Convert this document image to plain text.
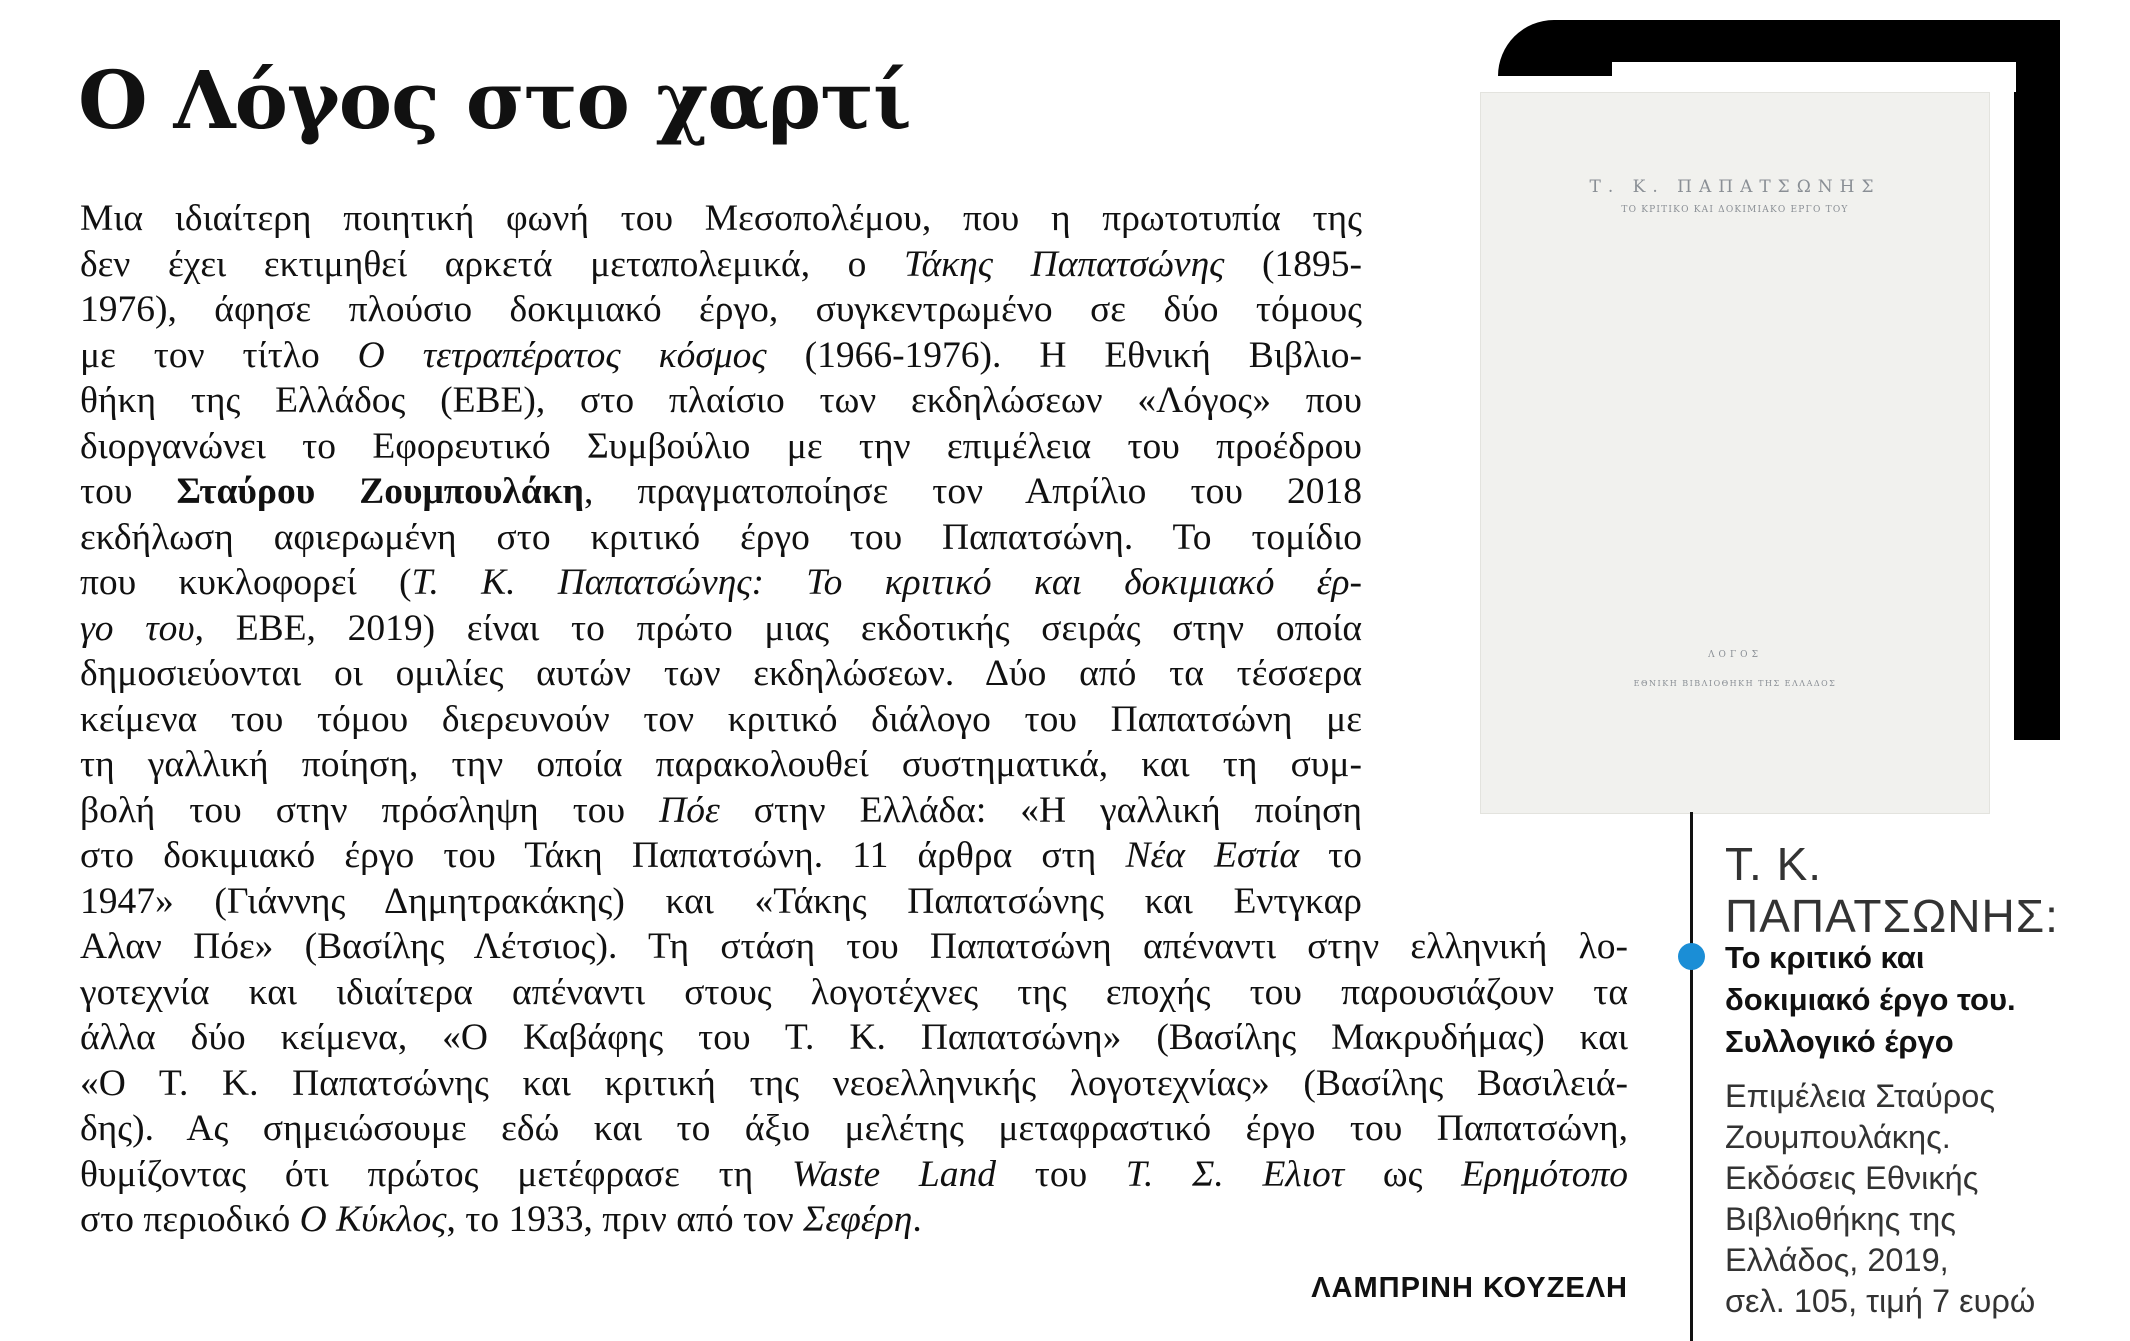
Ο Λόγος στο χαρτί
Μια ιδιαίτερη ποιητική φωνή του Μεσοπολέμου, που η πρωτοτυπία της
δεν έχει εκτιμηθεί αρκετά μεταπολεμικά, ο Τάκης Παπατσώνης (1895-
1976), άφησε πλούσιο δοκιμιακό έργο, συγκεντρωμένο σε δύο τόμους
με τον τίτλο Ο τετραπέρατος κόσμος (1966-1976). Η Εθνική Βιβλιο-
θήκη της Ελλάδος (ΕΒΕ), στο πλαίσιο των εκδηλώσεων «Λόγος» που
διοργανώνει το Εφορευτικό Συμβούλιο με την επιμέλεια του προέδρου
του Σταύρου Ζουμπουλάκη, πραγματοποίησε τον Απρίλιο του 2018
εκδήλωση αφιερωμένη στο κριτικό έργο του Παπατσώνη. Το τομίδιο
που κυκλοφορεί (Τ. Κ. Παπατσώνης: Το κριτικό και δοκιμιακό έρ-
γο του, ΕΒΕ, 2019) είναι το πρώτο μιας εκδοτικής σειράς στην οποία
δημοσιεύονται οι ομιλίες αυτών των εκδηλώσεων. Δύο από τα τέσσερα
κείμενα του τόμου διερευνούν τον κριτικό διάλογο του Παπατσώνη με
τη γαλλική ποίηση, την οποία παρακολουθεί συστηματικά, και τη συμ-
βολή του στην πρόσληψη του Πόε στην Ελλάδα: «Η γαλλική ποίηση
στο δοκιμιακό έργο του Τάκη Παπατσώνη. 11 άρθρα στη Νέα Εστία το
1947» (Γιάννης Δημητρακάκης) και «Τάκης Παπατσώνης και Εντγκαρ
Αλαν Πόε» (Βασίλης Λέτσιος). Τη στάση του Παπατσώνη απέναντι στην ελληνική λο-
γοτεχνία και ιδιαίτερα απέναντι στους λογοτέχνες της εποχής του παρουσιάζουν τα
άλλα δύο κείμενα, «Ο Καβάφης του Τ. Κ. Παπατσώνη» (Βασίλης Μακρυδήμας) και
«Ο Τ. Κ. Παπατσώνης και κριτική της νεοελληνικής λογοτεχνίας» (Βασίλης Βασιλειά-
δης). Ας σημειώσουμε εδώ και το άξιο μελέτης μεταφραστικό έργο του Παπατσώνη,
θυμίζοντας ότι πρώτος μετέφρασε τη Waste Land του Τ. Σ. Ελιοτ ως Ερημότοπο
στο περιοδικό Ο Κύκλος, το 1933, πριν από τον Σεφέρη.
ΛΑΜΠΡΙΝΗ ΚΟΥΖΕΛΗ
Τ. Κ. ΠΑΠΑΤΣΩΝΗΣ
ΤΟ ΚΡΙΤΙΚΟ ΚΑΙ ΔΟΚΙΜΙΑΚΟ ΕΡΓΟ ΤΟΥ
ΛΟΓΟΣ
ΕΘΝΙΚΗ ΒΙΒΛΙΟΘΗΚΗ ΤΗΣ ΕΛΛΑΔΟΣ
Τ. Κ.
ΠΑΠΑΤΣΩΝΗΣ:
Το κριτικό και
δοκιμιακό έργο του.
Συλλογικό έργο
Επιμέλεια Σταύρος
Ζουμπουλάκης.
Εκδόσεις Εθνικής
Βιβλιοθήκης της
Ελλάδος, 2019,
σελ. 105, τιμή 7 ευρώ
